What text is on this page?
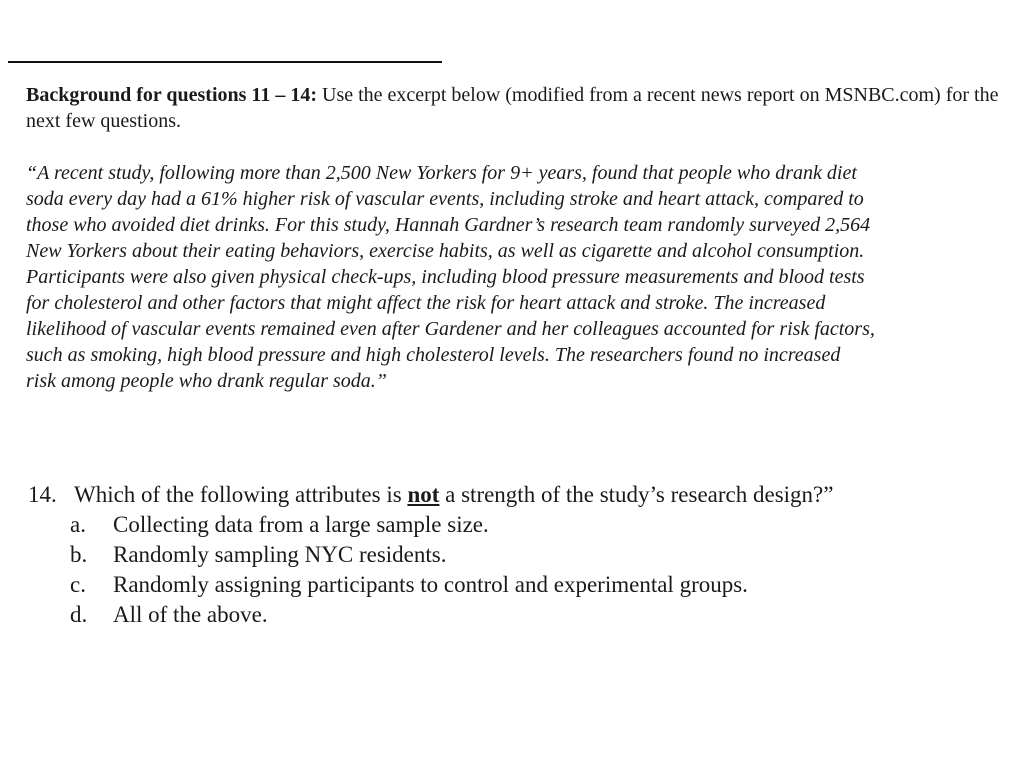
Background for questions 11 – 14: Use the excerpt below (modified from a recent news report on MSNBC.com) for the next few questions.
“A recent study, following more than 2,500 New Yorkers for 9+ years, found that people who drank diet
soda every day had a 61% higher risk of vascular events, including stroke and heart attack, compared to
those who avoided diet drinks. For this study, Hannah Gardner’s research team randomly surveyed 2,564
New Yorkers about their eating behaviors, exercise habits, as well as cigarette and alcohol consumption.
Participants were also given physical check-ups, including blood pressure measurements and blood tests
for cholesterol and other factors that might affect the risk for heart attack and stroke. The increased
likelihood of vascular events remained even after Gardener and her colleagues accounted for risk factors,
such as smoking, high blood pressure and high cholesterol levels. The researchers found no increased
risk among people who drank regular soda.”
14. Which of the following attributes is not a strength of the study’s research design?”
a. Collecting data from a large sample size.
b. Randomly sampling NYC residents.
c. Randomly assigning participants to control and experimental groups.
d. All of the above.
